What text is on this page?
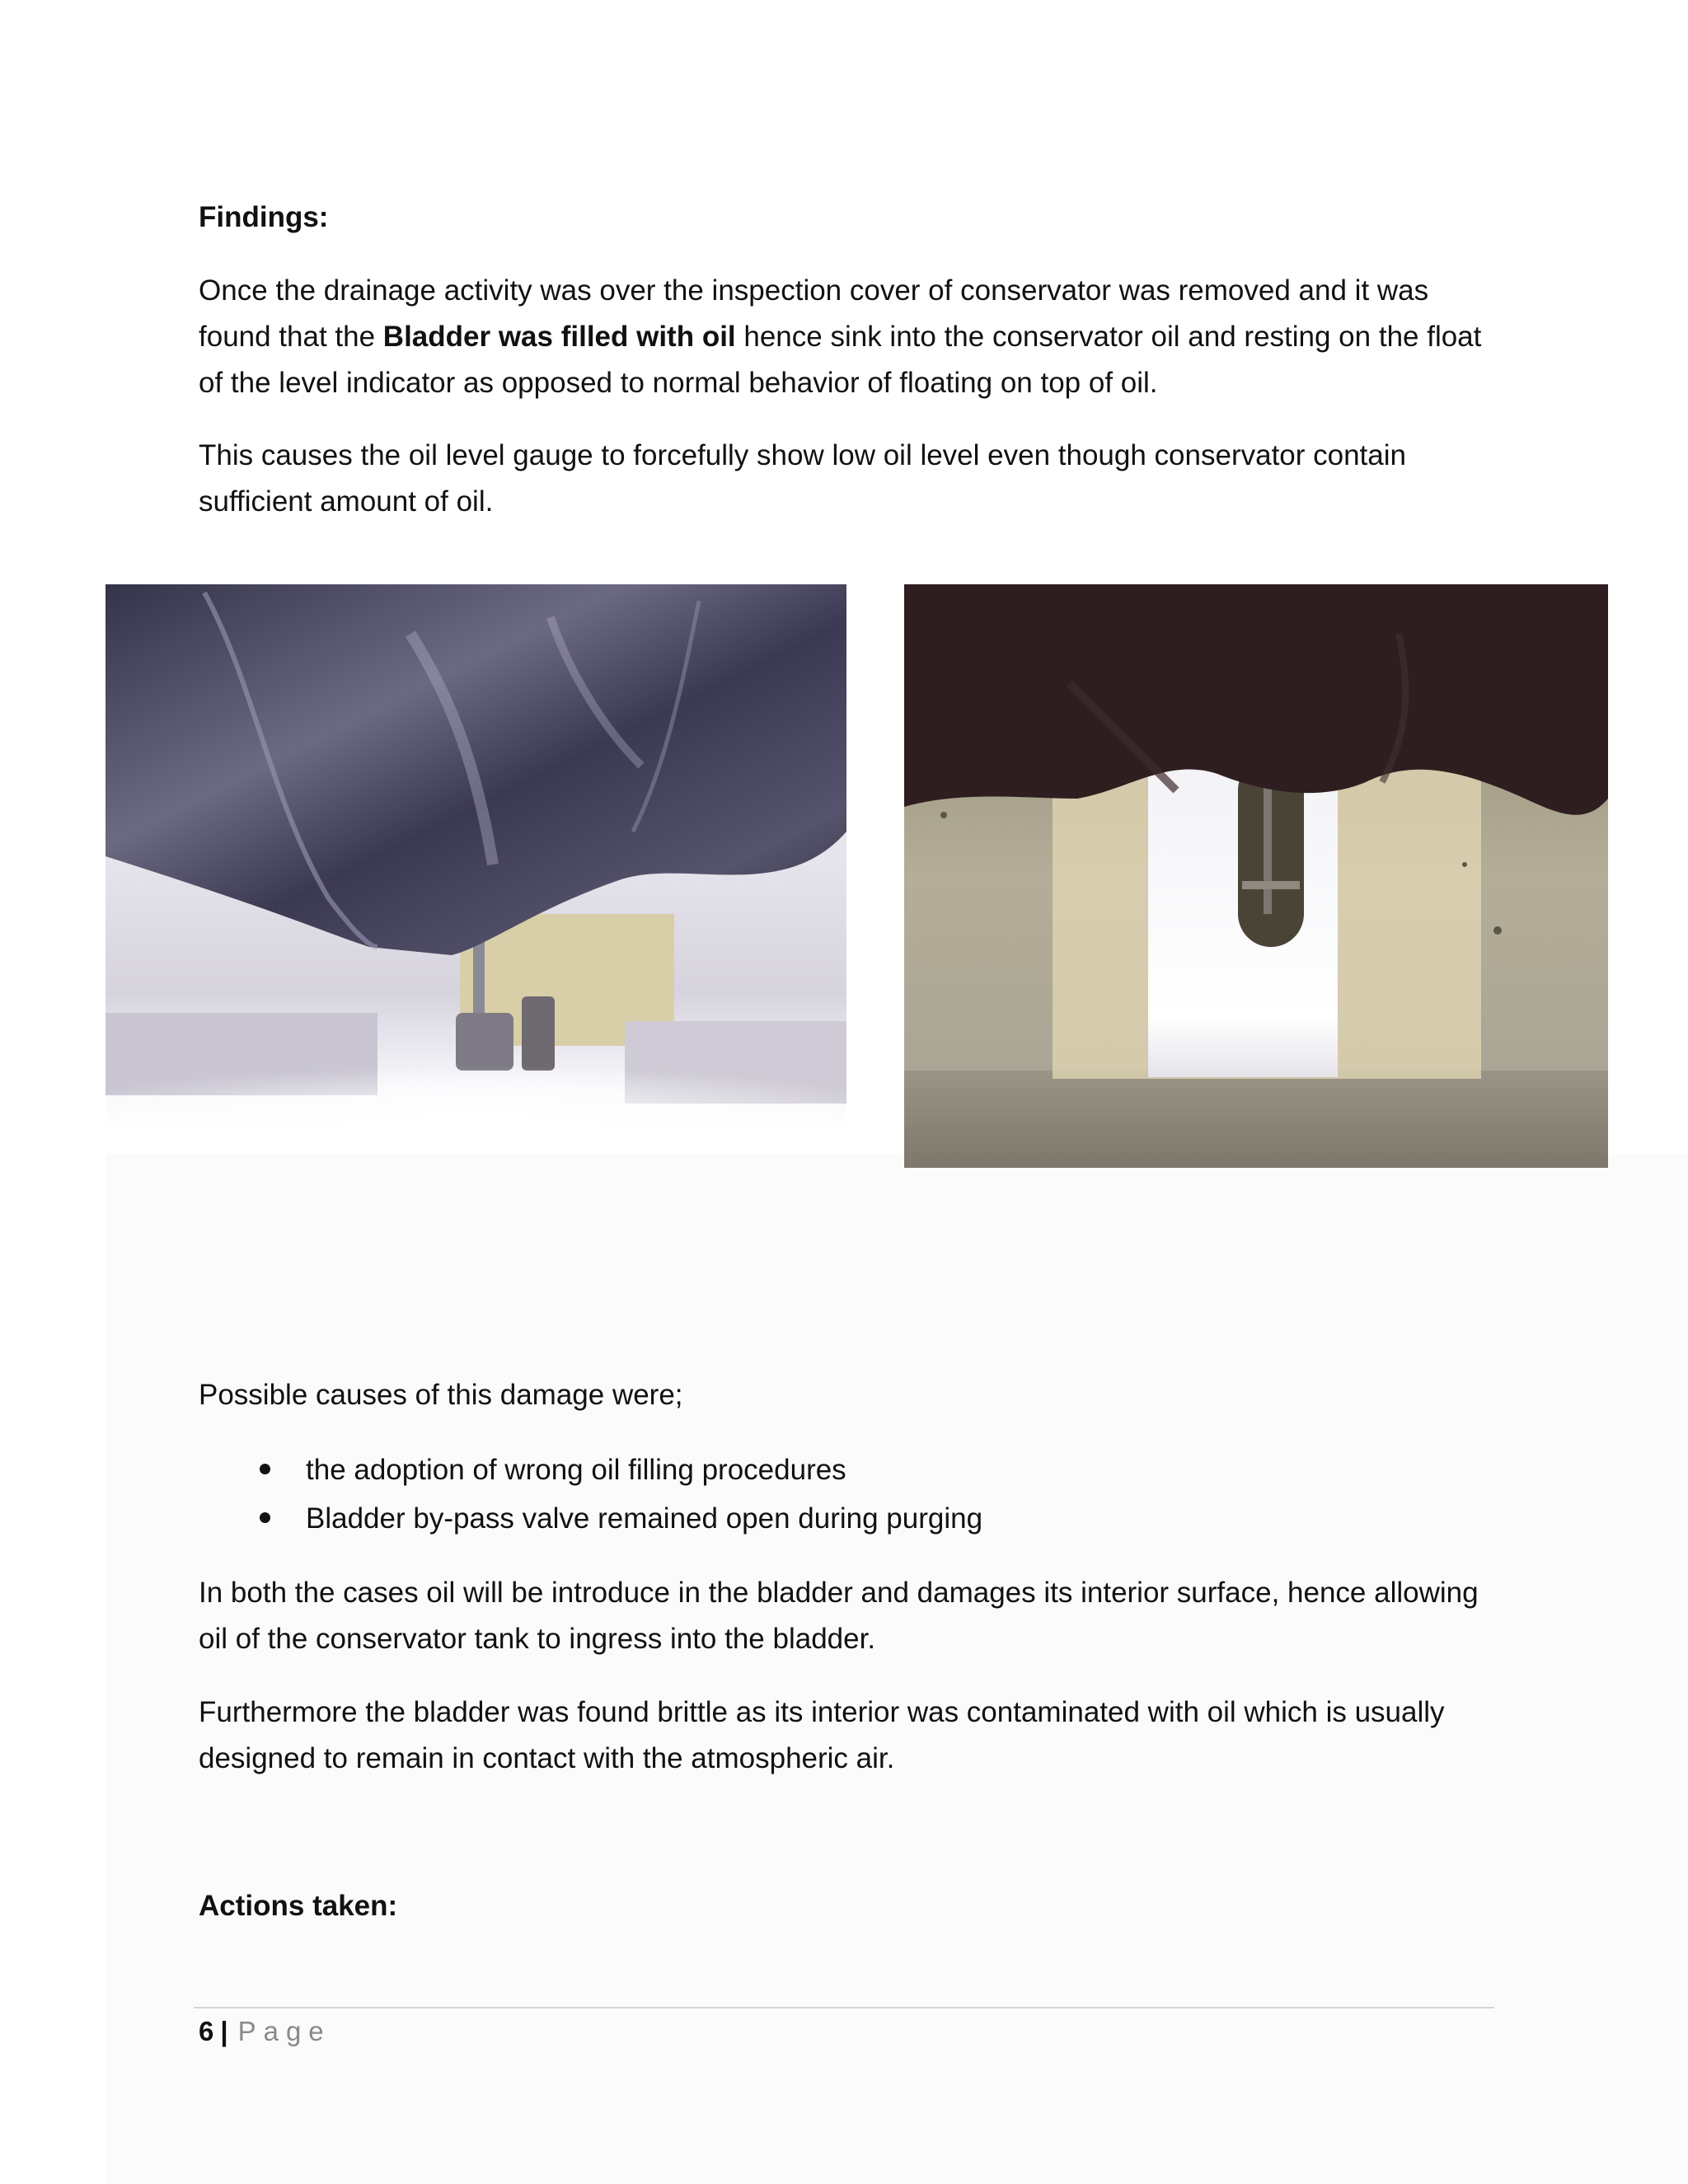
Findings:

Once the drainage activity was over the inspection cover of conservator was removed and it was found that the Bladder was filled with oil hence sink into the conservator oil and resting on the float of the level indicator as opposed to normal behavior of floating on top of oil.

This causes the oil level gauge to forcefully show low oil level even though conservator contain sufficient amount of oil.

Possible causes of this damage were;

the adoption of wrong oil filling procedures
Bladder by-pass valve remained open during purging

In both the cases oil will be introduce in the bladder and damages its interior surface, hence allowing oil of the conservator tank to ingress into the bladder.

Furthermore the bladder was found brittle as its interior was contaminated with oil which is usually designed to remain in contact with the atmospheric air.

Actions taken:

6 | Page
